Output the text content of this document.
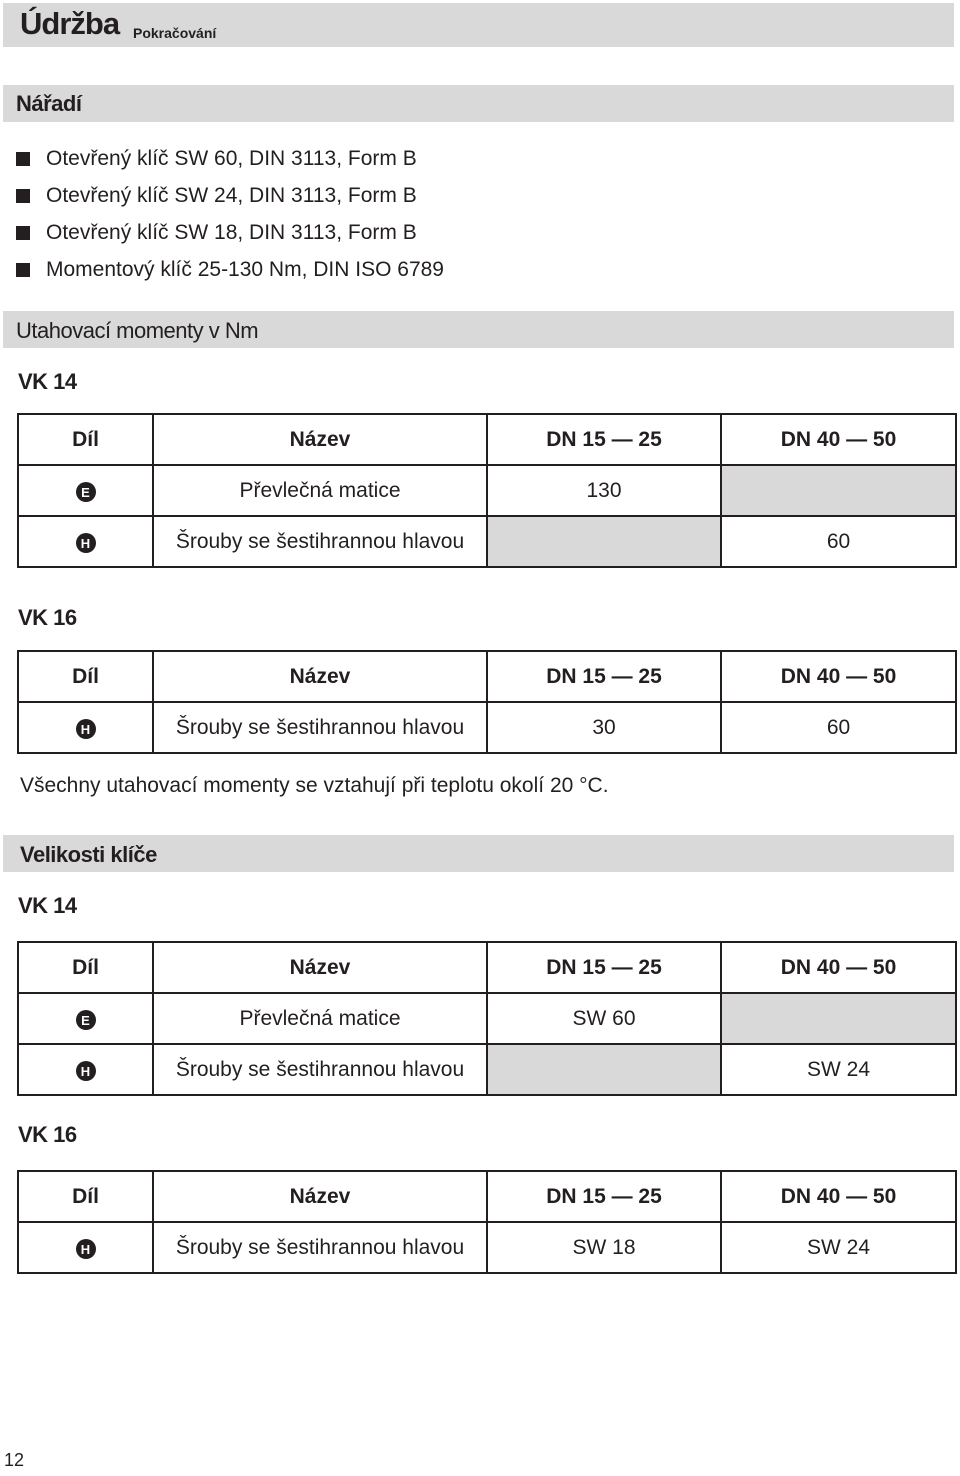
Údržba Pokračování
Nářadí
Otevřený klíč SW 60, DIN 3113, Form B
Otevřený klíč SW 24, DIN 3113, Form B
Otevřený klíč SW 18, DIN 3113, Form B
Momentový klíč 25-130 Nm, DIN ISO 6789
Utahovací momenty v Nm
VK 14
Díl	Název	DN 15 — 25	DN 40 — 50
E	Převlečná matice	130	
H	Šrouby se šestihrannou hlavou		60
VK 16
Díl	Název	DN 15 — 25	DN 40 — 50
H	Šrouby se šestihrannou hlavou	30	60
Všechny utahovací momenty se vztahují při teplotu okolí 20 °C.
Velikosti klíče
VK 14
Díl	Název	DN 15 — 25	DN 40 — 50
E	Převlečná matice	SW 60	
H	Šrouby se šestihrannou hlavou		SW 24
VK 16
Díl	Název	DN 15 — 25	DN 40 — 50
H	Šrouby se šestihrannou hlavou	SW 18	SW 24
12
